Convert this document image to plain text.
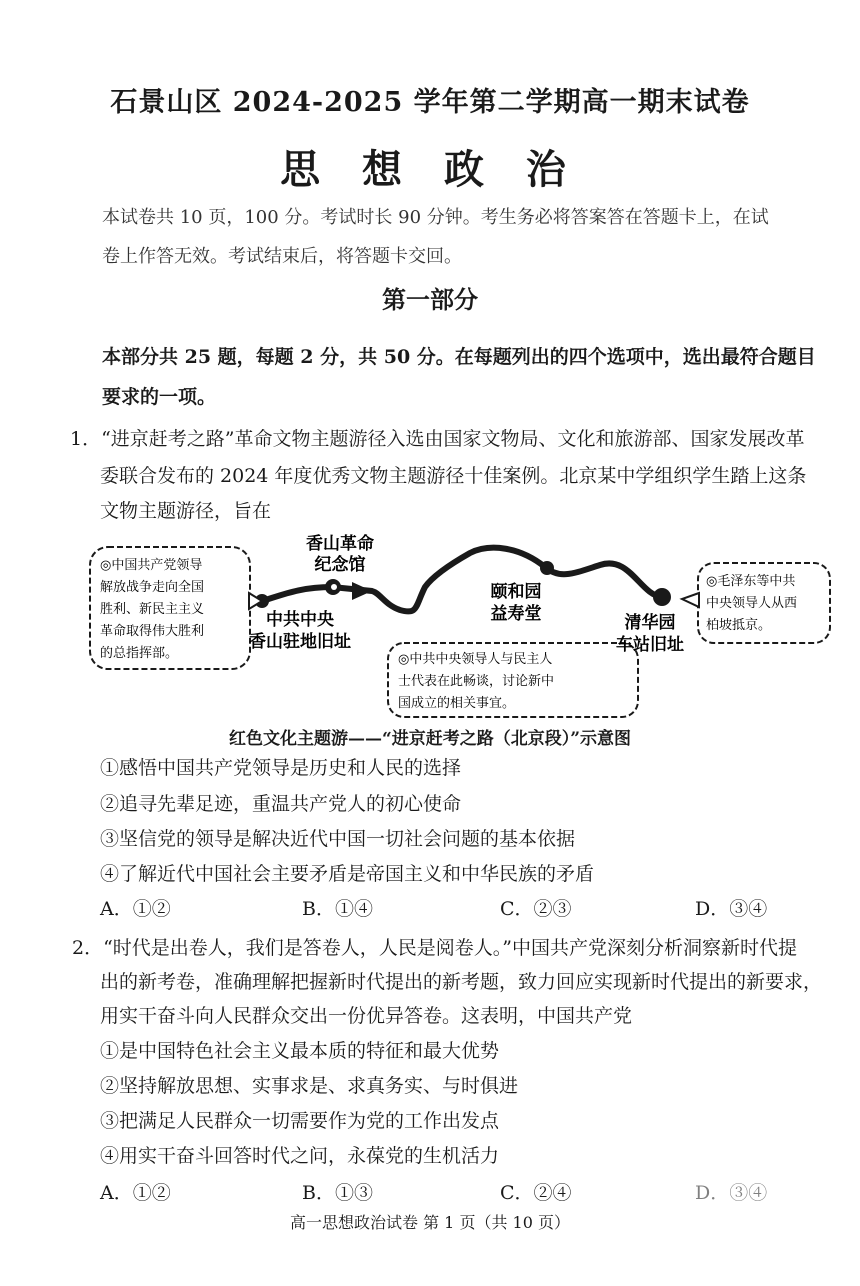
石景山区 2024-2025 学年第二学期高一期末试卷
思 想 政 治
本试卷共 10 页，100 分。考试时长 90 分钟。考生务必将答案答在答题卡上，在试
卷上作答无效。考试结束后，将答题卡交回。
第一部分
本部分共 25 题，每题 2 分，共 50 分。在每题列出的四个选项中，选出最符合题目
要求的一项。
1．“进京赶考之路”革命文物主题游径入选由国家文物局、文化和旅游部、国家发展改革
委联合发布的 2024 年度优秀文物主题游径十佳案例。北京某中学组织学生踏上这条
文物主题游径，旨在
◎中国共产党领导
解放战争走向全国
胜利、新民主主义
革命取得伟大胜利
的总指挥部。	◎中共中央领导人与民主人
士代表在此畅谈，讨论新中
国成立的相关事宜。
◎毛泽东等中共
中央领导人从西
柏坡抵京。
香山革命
纪念馆
中共中央
香山驻地旧址
颐和园
益寿堂	清华园
车站旧址
红色文化主题游——“进京赶考之路（北京段）”示意图
①感悟中国共产党领导是历史和人民的选择
②追寻先辈足迹，重温共产党人的初心使命
③坚信党的领导是解决近代中国一切社会问题的基本依据
④了解近代中国社会主要矛盾是帝国主义和中华民族的矛盾
A．①②	B．①④	C．②③	D．③④
2．“时代是出卷人，我们是答卷人，人民是阅卷人。”中国共产党深刻分析洞察新时代提
出的新考卷，准确理解把握新时代提出的新考题，致力回应实现新时代提出的新要求，
用实干奋斗向人民群众交出一份优异答卷。这表明，中国共产党
①是中国特色社会主义最本质的特征和最大优势
②坚持解放思想、实事求是、求真务实、与时俱进
③把满足人民群众一切需要作为党的工作出发点
④用实干奋斗回答时代之问，永葆党的生机活力
A．①②	B．①③	C．②④	D．③④
高一思想政治试卷 第 1 页（共 10 页）
